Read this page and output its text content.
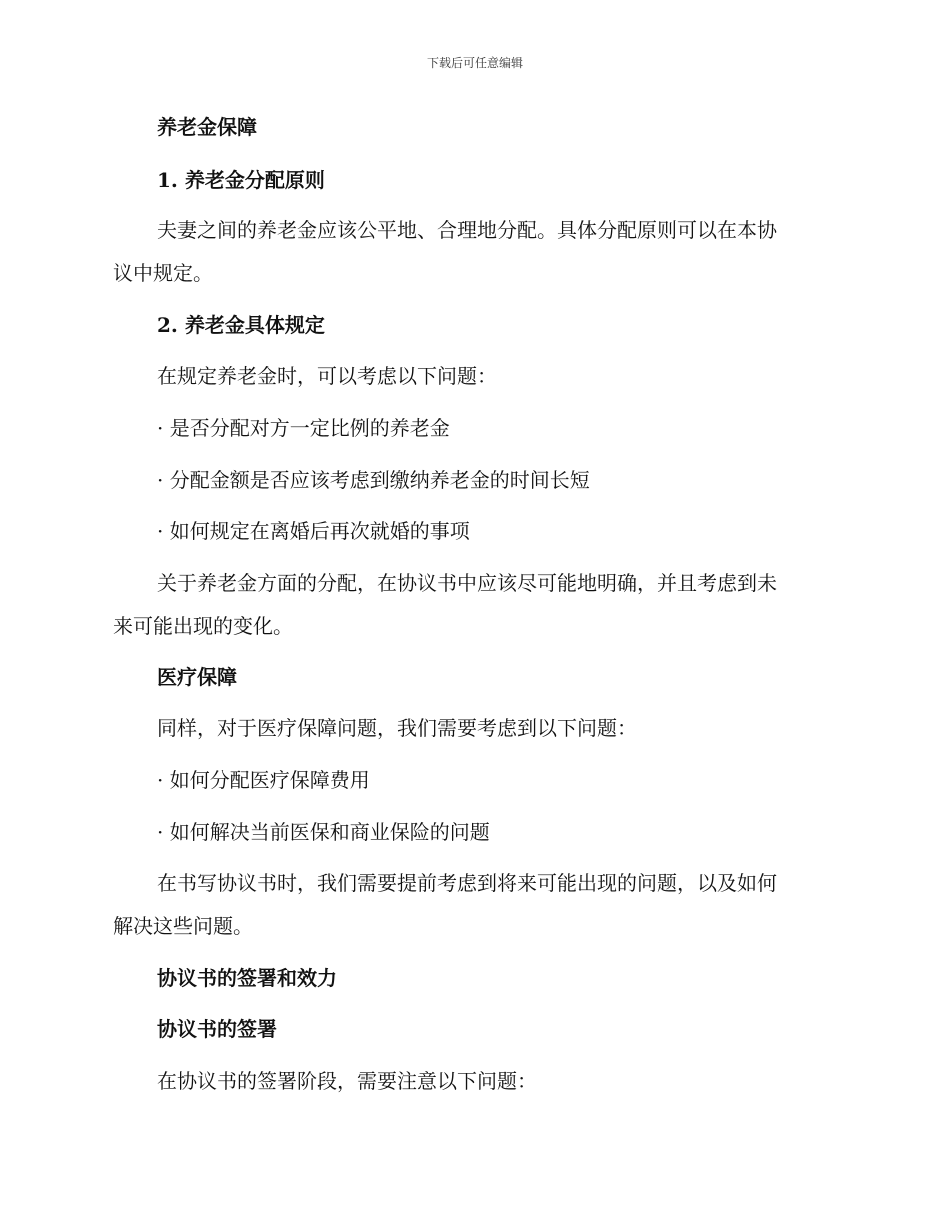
下载后可任意编辑
养老金保障
1. 养老金分配原则
夫妻之间的养老金应该公平地、合理地分配。具体分配原则可以在本协
议中规定。
2. 养老金具体规定
在规定养老金时，可以考虑以下问题：
· 是否分配对方一定比例的养老金
· 分配金额是否应该考虑到缴纳养老金的时间长短
· 如何规定在离婚后再次就婚的事项
关于养老金方面的分配，在协议书中应该尽可能地明确，并且考虑到未
来可能出现的变化。
医疗保障
同样，对于医疗保障问题，我们需要考虑到以下问题：
· 如何分配医疗保障费用
· 如何解决当前医保和商业保险的问题
在书写协议书时，我们需要提前考虑到将来可能出现的问题，以及如何
解决这些问题。
协议书的签署和效力
协议书的签署
在协议书的签署阶段，需要注意以下问题：
